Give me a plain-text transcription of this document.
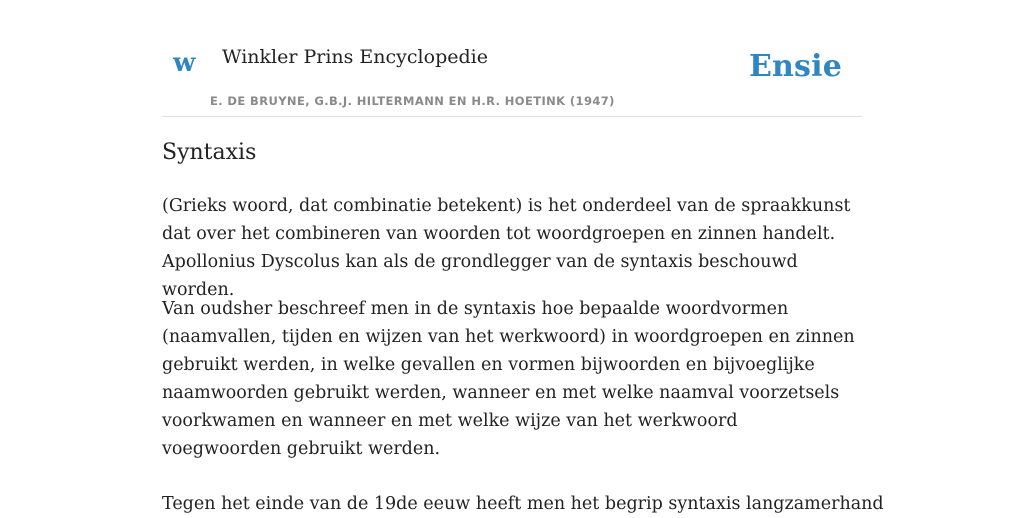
w Winkler Prins Encyclopedie
E. DE BRUYNE, G.B.J. HILTERMANN EN H.R. HOETINK (1947)
Ensie
Syntaxis

(Grieks woord, dat combinatie betekent) is het onderdeel van de spraakkunst dat over het combineren van woorden tot woordgroepen en zinnen handelt. Apollonius Dyscolus kan als de grondlegger van de syntaxis beschouwd worden.

Van oudsher beschreef men in de syntaxis hoe bepaalde woordvormen (naamvallen, tijden en wijzen van het werkwoord) in woordgroepen en zinnen gebruikt werden, in welke gevallen en vormen bijwoorden en bijvoeglijke naamwoorden gebruikt werden, wanneer en met welke naamval voorzetsels voorkwamen en wanneer en met welke wijze van het werkwoord voegwoorden gebruikt werden.

Tegen het einde van de 19de eeuw heeft men het begrip syntaxis langzamerhand
